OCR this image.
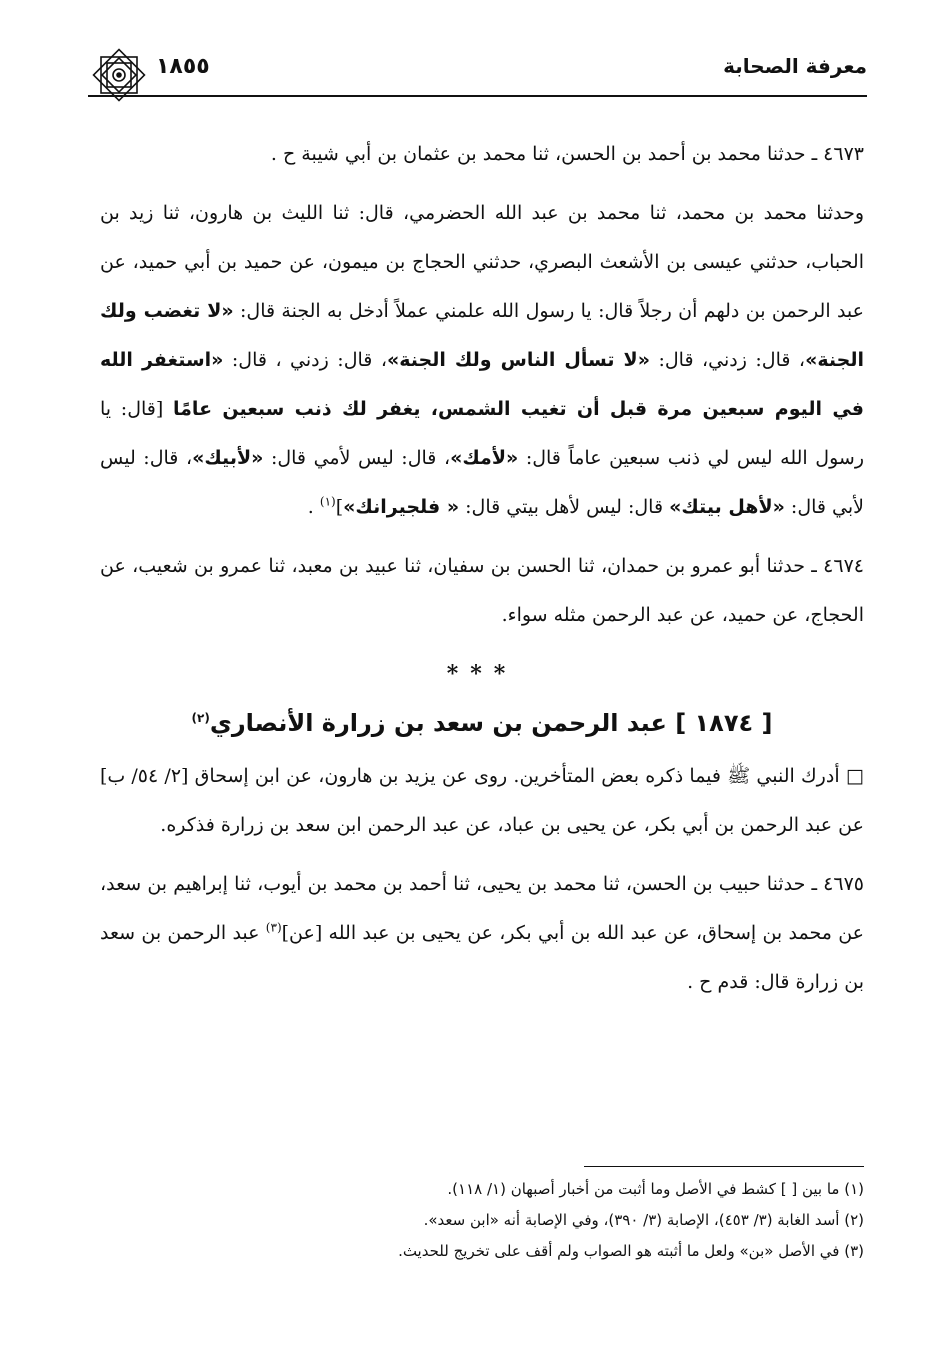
معرفة الصحابة
١٨٥٥

٤٦٧٣ ـ حدثنا محمد بن أحمد بن الحسن، ثنا محمد بن عثمان بن أبي شيبة ح .

وحدثنا محمد بن محمد، ثنا محمد بن عبد الله الحضرمي، قال: ثنا الليث بن هارون، ثنا زيد بن الحباب، حدثني عيسى بن الأشعث البصري، حدثني الحجاج بن ميمون، عن حميد بن أبي حميد، عن عبد الرحمن بن دلهم أن رجلاً قال: يا رسول الله علمني عملاً أدخل به الجنة قال: «لا تغضب ولك الجنة»، قال: زدني، قال: «لا تسأل الناس ولك الجنة»، قال: زدني ، قال: «استغفر الله في اليوم سبعين مرة قبل أن تغيب الشمس، يغفر لك ذنب سبعين عامًا [قال: يا رسول الله ليس لي ذنب سبعين عاماً قال: «لأمك»، قال: ليس لأمي قال: «لأبيك»، قال: ليس لأبي قال: «لأهل بيتك» قال: ليس لأهل بيتي قال: « فلجيرانك»]$^{(١)}$ .

٤٦٧٤ ـ حدثنا أبو عمرو بن حمدان، ثنا الحسن بن سفيان، ثنا عبيد بن معبد، ثنا عمرو بن شعيب، عن الحجاج، عن حميد، عن عبد الرحمن مثله سواء.

***
[ ١٨٧٤ ] عبد الرحمن بن سعد بن زرارة الأنصاري$^{(٢)}$

□ أدرك النبي ﷺ فيما ذكره بعض المتأخرين. روى عن يزيد بن هارون، عن ابن إسحاق [٢/ ٥٤/ ب] عن عبد الرحمن بن أبي بكر، عن يحيى بن عباد، عن عبد الرحمن ابن سعد بن زرارة فذكره.

٤٦٧٥ ـ حدثنا حبيب بن الحسن، ثنا محمد بن يحيى، ثنا أحمد بن محمد بن أيوب، ثنا إبراهيم بن سعد، عن محمد بن إسحاق، عن عبد الله بن أبي بكر، عن يحيى بن عبد الله [عن]$^{(٣)}$ عبد الرحمن بن سعد بن زرارة قال: قدم ح .

(١) ما بين [ ] كشط في الأصل وما أثبت من أخبار أصبهان (١/ ١١٨).
(٢) أسد الغابة (٣/ ٤٥٣)، الإصابة (٣/ ٣٩٠)، وفي الإصابة أنه «ابن سعد».
(٣) في الأصل «بن» ولعل ما أثبته هو الصواب ولم أقف على تخريج للحديث.
